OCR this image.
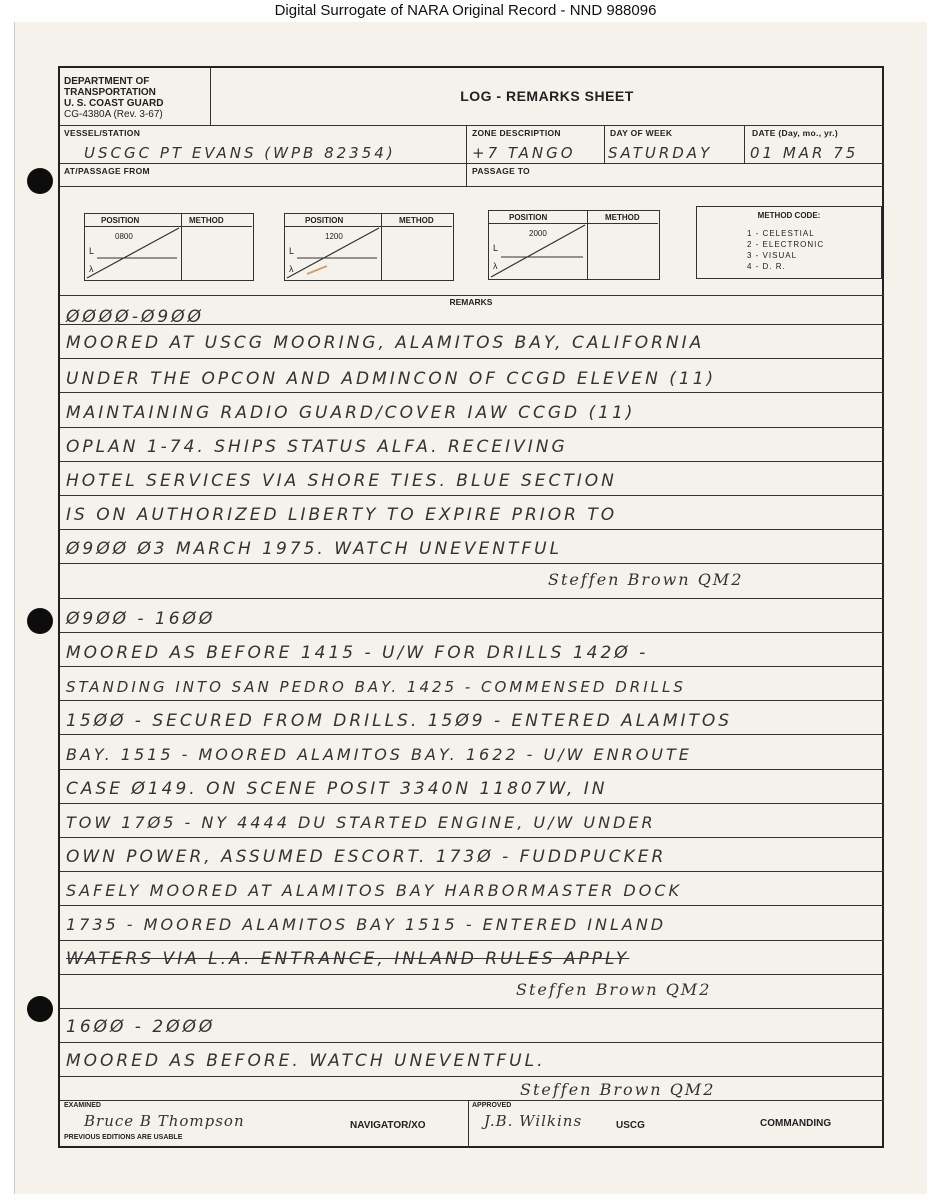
Digital Surrogate of NARA Original Record - NND 988096
DEPARTMENT OF
TRANSPORTATION
U. S. COAST GUARD
CG-4380A (Rev. 3-67)
LOG - REMARKS SHEET
VESSEL/STATION
USCGC PT EVANS (WPB 82354)
ZONE DESCRIPTION
+7 TANGO
DAY OF WEEK
SATURDAY
DATE (Day, mo., yr.)
01 MAR 75
AT/PASSAGE FROM	PASSAGE TO
POSITION	METHOD
0800
L
λ
POSITION	METHOD
1200
L
λ
POSITION	METHOD
2000
L
λ
METHOD CODE:
1 - CELESTIAL
2 - ELECTRONIC
3 - VISUAL
4 - D. R.
REMARKS
ØØØØ-Ø9ØØ
MOORED AT USCG MOORING, ALAMITOS BAY, CALIFORNIA
UNDER THE OPCON AND ADMINCON OF CCGD ELEVEN (11)
MAINTAINING RADIO GUARD/COVER IAW CCGD (11)
OPLAN 1-74. SHIPS STATUS ALFA. RECEIVING
HOTEL SERVICES VIA SHORE TIES. BLUE SECTION
IS ON AUTHORIZED LIBERTY TO EXPIRE PRIOR TO
Ø9ØØ Ø3 MARCH 1975. WATCH UNEVENTFUL
Steffen Brown QM2
Ø9ØØ - 16ØØ
MOORED AS BEFORE 1415 - U/W FOR DRILLS 142Ø -
STANDING INTO SAN PEDRO BAY. 1425 - COMMENSED DRILLS
15ØØ - SECURED FROM DRILLS. 15Ø9 - ENTERED ALAMITOS
BAY. 1515 - MOORED ALAMITOS BAY. 1622 - U/W ENROUTE
CASE Ø149. ON SCENE POSIT 3340N 11807W, IN
TOW 17Ø5 - NY 4444 DU STARTED ENGINE, U/W UNDER
OWN POWER, ASSUMED ESCORT. 173Ø - FUDDPUCKER
SAFELY MOORED AT ALAMITOS BAY HARBORMASTER DOCK
1735 - MOORED ALAMITOS BAY 1515 - ENTERED INLAND
WATERS VIA L.A. ENTRANCE, INLAND RULES APPLY
Steffen Brown QM2
16ØØ - 2ØØØ
MOORED AS BEFORE. WATCH UNEVENTFUL.
Steffen Brown QM2
EXAMINED
Bruce B Thompson	NAVIGATOR/XO
APPROVED
J.B. Wilkins	USCG	COMMANDING
PREVIOUS EDITIONS ARE USABLE
